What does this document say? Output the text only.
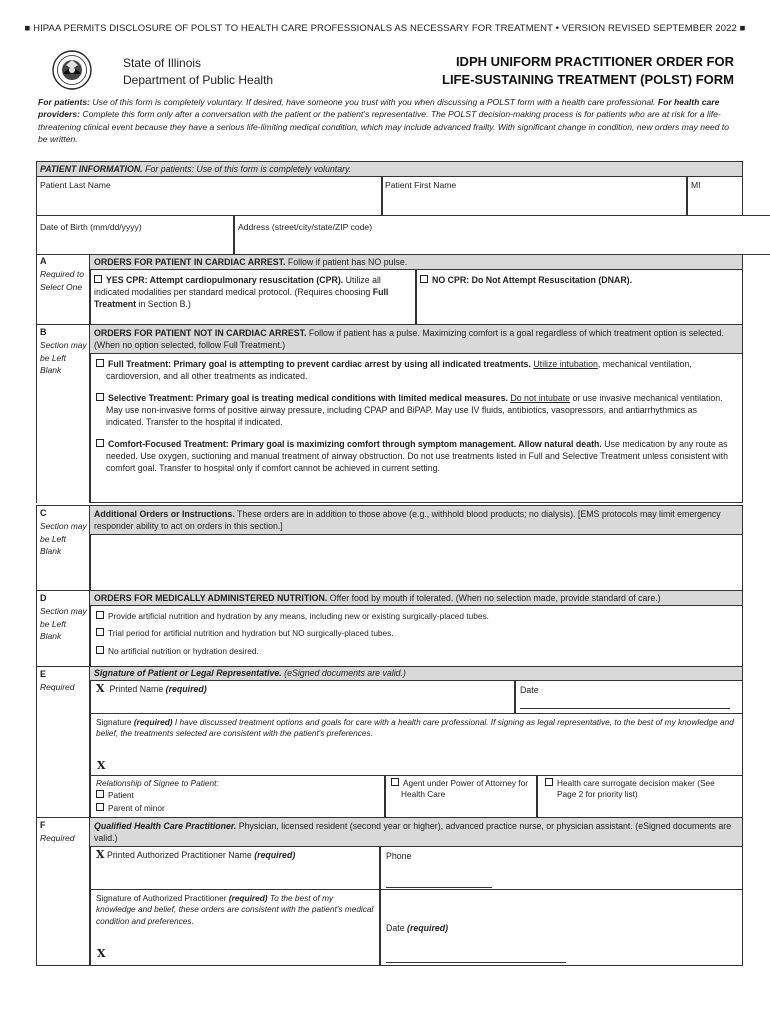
■ HIPAA PERMITS DISCLOSURE OF POLST TO HEALTH CARE PROFESSIONALS AS NECESSARY FOR TREATMENT • VERSION REVISED SEPTEMBER 2022 ■
State of Illinois
Department of Public Health
IDPH UNIFORM PRACTITIONER ORDER FOR
LIFE-SUSTAINING TREATMENT (POLST) FORM
For patients: Use of this form is completely voluntary. If desired, have someone you trust with you when discussing a POLST form with a health care professional. For health care providers: Complete this form only after a conversation with the patient or the patient's representative. The POLST decision-making process is for patients who are at risk for a life-threatening clinical event because they have a serious life-limiting medical condition, which may include advanced frailty. With significant change in condition, new orders may need to be written.
PATIENT INFORMATION. For patients: Use of this form is completely voluntary.
Patient Last Name	Patient First Name	MI
Date of Birth (mm/dd/yyyy)	Address (street/city/state/ZIP code)
A
Required to Select One
ORDERS FOR PATIENT IN CARDIAC ARREST. Follow if patient has NO pulse.
YES CPR: Attempt cardiopulmonary resuscitation (CPR). Utilize all indicated modalities per standard medical protocol. (Requires choosing Full Treatment in Section B.)
NO CPR: Do Not Attempt Resuscitation (DNAR).
B
Section may be Left Blank
ORDERS FOR PATIENT NOT IN CARDIAC ARREST. Follow if patient has a pulse. Maximizing comfort is a goal regardless of which treatment option is selected. (When no option selected, follow Full Treatment.)
Full Treatment: Primary goal is attempting to prevent cardiac arrest by using all indicated treatments. Utilize intubation, mechanical ventilation, cardioversion, and all other treatments as indicated.
Selective Treatment: Primary goal is treating medical conditions with limited medical measures. Do not intubate or use invasive mechanical ventilation. May use non-invasive forms of positive airway pressure, including CPAP and BiPAP. May use IV fluids, antibiotics, vasopressors, and antiarrhythmics as indicated. Transfer to the hospital if indicated.
Comfort-Focused Treatment: Primary goal is maximizing comfort through symptom management. Allow natural death. Use medication by any route as needed. Use oxygen, suctioning and manual treatment of airway obstruction. Do not use treatments listed in Full and Selective Treatment unless consistent with comfort goal. Transfer to hospital only if comfort cannot be achieved in current setting.
C
Section may be Left Blank
Additional Orders or Instructions. These orders are in addition to those above (e.g., withhold blood products; no dialysis). [EMS protocols may limit emergency responder ability to act on orders in this section.]
D
Section may be Left Blank
ORDERS FOR MEDICALLY ADMINISTERED NUTRITION. Offer food by mouth if tolerated. (When no selection made, provide standard of care.)
Provide artificial nutrition and hydration by any means, including new or existing surgically-placed tubes.
Trial period for artificial nutrition and hydration but NO surgically-placed tubes.
No artificial nutrition or hydration desired.
E
Required
Signature of Patient or Legal Representative. (eSigned documents are valid.)
X Printed Name (required)	Date
Signature (required) I have discussed treatment options and goals for care with a health care professional. If signing as legal representative, to the best of my knowledge and belief, the treatments selected are consistent with the patient's preferences.
X
Relationship of Signee to Patient:
Patient
Parent of minor
Agent under Power of Attorney for Health Care
Health care surrogate decision maker (See Page 2 for priority list)
F
Required
Qualified Health Care Practitioner. Physician, licensed resident (second year or higher), advanced practice nurse, or physician assistant. (eSigned documents are valid.)
X Printed Authorized Practitioner Name (required)	Phone
Signature of Authorized Practitioner (required) To the best of my knowledge and belief, these orders are consistent with the patient's medical condition and preferences.
X
Date (required)
